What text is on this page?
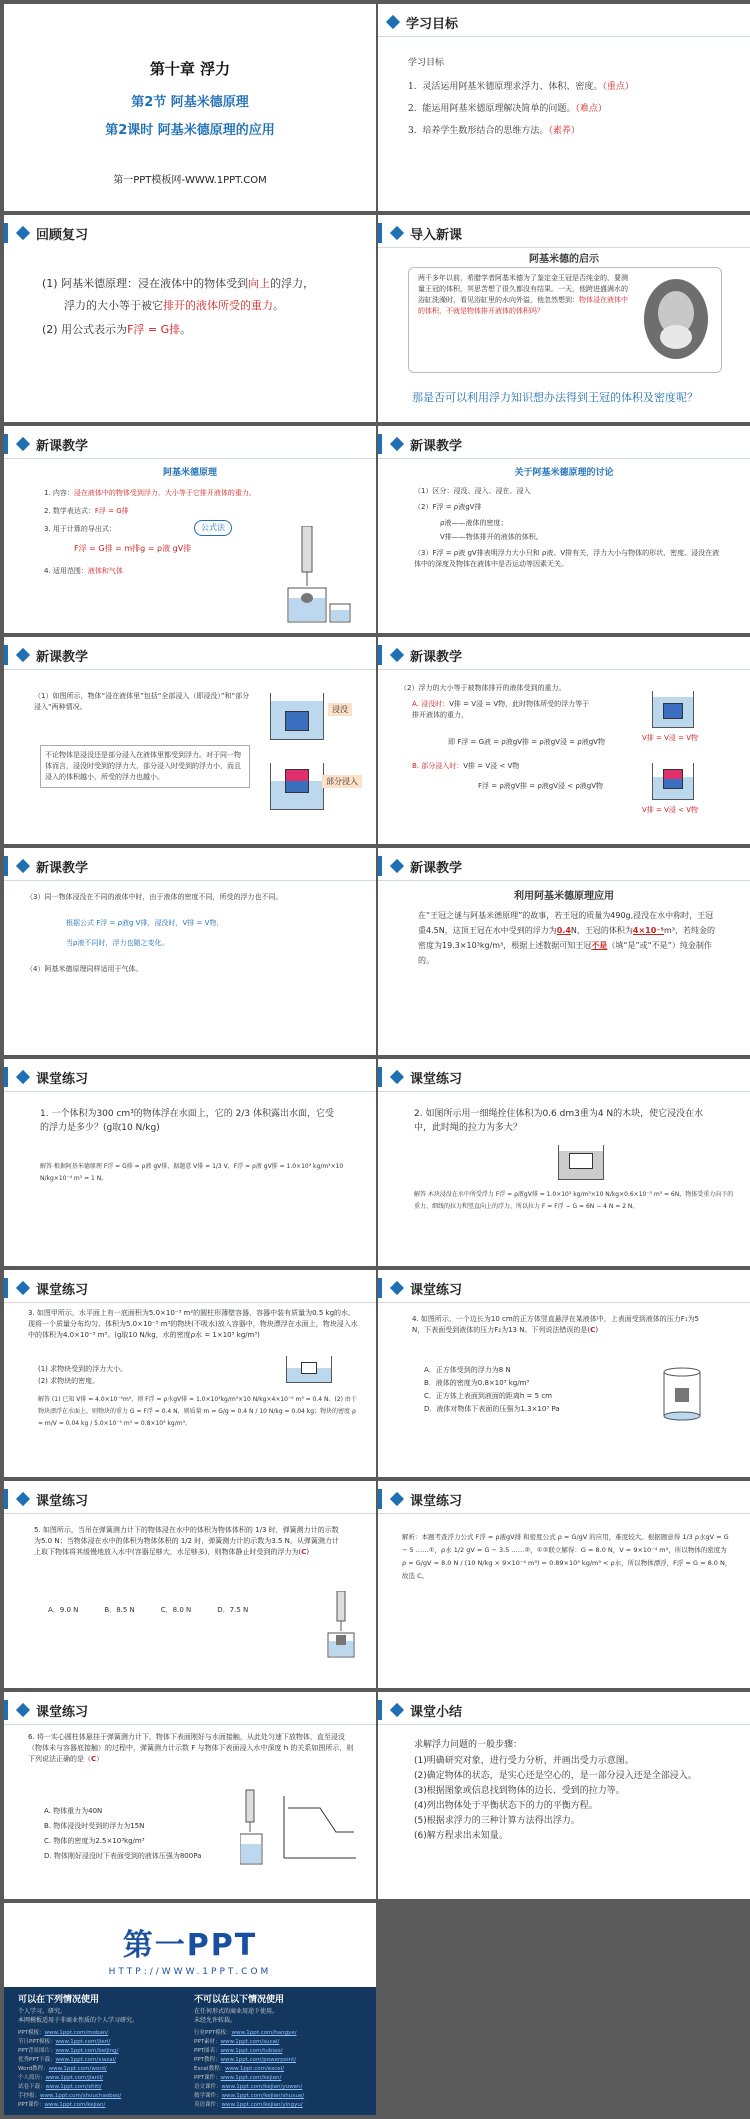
第十章 浮力
第2节 阿基米德原理
第2课时 阿基米德原理的应用
第一PPT模板网-WWW.1PPT.COM
学习目标
学习目标
1. 灵活运用阿基米德原理求浮力、体积、密度。（重点）
2. 能运用阿基米德原理解决简单的问题。（难点）
3. 培养学生数形结合的思维方法。（素养）
回顾复习
(1) 阿基米德原理：浸在液体中的物体受到向上的浮力，
浮力的大小等于被它排开的液体所受的重力。
(2) 用公式表示为F浮 = G排。
导入新课
阿基米德的启示
两千多年以前，希腊学者阿基米德为了鉴定金王冠是否纯金的，要测量王冠的体积，冥思苦想了很久都没有结果。一天，他跨进盛满水的浴缸洗澡时，看见浴缸里的水向外溢，他忽然想到：物体浸在液体中的体积，不就是物体排开液体的体积吗？
那是否可以利用浮力知识想办法得到王冠的体积及密度呢？
新课教学
阿基米德原理
1. 内容：浸在液体中的物体受到浮力，大小等于它排开液体的重力。
2. 数学表达式：F浮 = G排
3. 用于计算的导出式：
F浮 = G排 = m排g = ρ液 gV排
4. 适用范围：液体和气体
公式法
新课教学
关于阿基米德原理的讨论
（1）区分：浸没、浸入、浸在、浸入
（2）F浮 = ρ液gV排
ρ液——液体的密度；
V排——物体排开的液体的体积。
（3）F浮 = ρ液 gV排表明浮力大小只和 ρ液、V排有关，浮力大小与物体的形状、密度、浸没在液体中的深度及物体在液体中是否运动等因素无关。
新课教学
（1）如图所示，物体“浸在液体里”包括“全部浸入（即浸没）”和“部分浸入”两种情况。
不论物体是浸没还是部分浸入在液体里都受到浮力。对于同一物体而言，浸没时受到的浮力大，部分浸入时受到的浮力小，而且浸入的体积越小，所受的浮力也越小。
浸没
部分浸入
新课教学
（2）浮力的大小等于被物体排开的液体受到的重力。
A. 浸没时：V排 = V浸 = V物，此时物体所受的浮力等于排开液体的重力，
即 F浮 = G液 = ρ液gV排 = ρ液gV浸 = ρ液gV物
B. 部分浸入时：V排 = V浸 < V物
F浮 = ρ液gV排 = ρ液gV浸 < ρ液gV物
V排 = V浸 = V物
V排 = V浸 < V物
新课教学
（3）同一物体浸没在不同的液体中时，由于液体的密度不同，所受的浮力也不同。
根据公式 F浮 = ρ液g V排，浸没时，V排 = V物，
当ρ液不同时，浮力也随之变化。
（4）阿基米德原理同样适用于气体。
新课教学
利用阿基米德原理应用
在“王冠之谜与阿基米德原理”的故事，若王冠的质量为490g,浸没在水中称时，王冠重4.5N，这顶王冠在水中受到的浮力为0.4N，王冠的体积为4×10⁻⁵m³，若纯金的密度为19.3×10³kg/m³，根据上述数据可知王冠不是（填“是”或“不是”）纯金制作的。
课堂练习
1. 一个体积为300 cm³的物体浮在水面上，它的 2/3 体积露出水面，它受的浮力是多少？(g取10 N/kg)
解答 根据阿基米德原理 F浮 = G排 = ρ液 gV排，据题意 V排 = 1/3 V，F浮 = ρ液 gV排 = 1.0×10³ kg/m³×10 N/kg×10⁻⁴ m³ = 1 N。
课堂练习
2. 如图所示用一细绳拴住体积为0.6 dm3重为4 N的木块，使它浸没在水中，此时绳的拉力为多大？
解答 木块浸没在水中所受浮力 F浮 = ρ液gV排 = 1.0×10³ kg/m³×10 N/kg×0.6×10⁻³ m³ = 6N，物体受重力向下的重力、细线的拉力和竖直向上的浮力，所以拉力 F = F浮 − G = 6N − 4 N = 2 N。
课堂练习
3. 如图甲所示，水平面上有一底面积为5.0×10⁻³ m²的圆柱形薄壁容器，容器中装有质量为0.5 kg的水。现将一个质量分布均匀、体积为5.0×10⁻⁵ m³的物块(不吸水)放入容器中，物块漂浮在水面上，物块浸入水中的体积为4.0×10⁻⁵ m³。(g取10 N/kg，水的密度ρ水 = 1×10³ kg/m³)
(1) 求物块受到的浮力大小。
(2) 求物块的密度。
解答 (1) 已知 V排 = 4.0×10⁻⁵m³，则 F浮 = ρ水gV排 = 1.0×10³kg/m³×10 N/kg×4×10⁻⁵ m³ = 0.4 N。(2) 由于物块漂浮在水面上，则物块的重力 G = F浮 = 0.4 N，则质量 m = G/g = 0.4 N / 10 N/kg = 0.04 kg；物块的密度 ρ = m/V = 0.04 kg / 5.0×10⁻⁵ m³ = 0.8×10³ kg/m³。
课堂练习
4. 如图所示，一个边长为10 cm的正方体竖直悬浮在某液体中，上表面受到液体的压力F₁为5 N，下表面受到液体的压力F₂为13 N。下列说法错误的是(C)
A．正方体受到的浮力为8 N
B．液体的密度为0.8×10³ kg/m³
C．正方体上表面到液面的距离h = 5 cm
D．液体对物体下表面的压强为1.3×10³ Pa
课堂练习
5. 如图所示，当吊在弹簧测力计下的物体浸在水中的体积为物体体积的 1/3 时，弹簧测力计的示数为5.0 N；当物体浸在水中的体积为物体体积的 1/2 时，弹簧测力计的示数为3.5 N。从弹簧测力计上取下物体将其缓慢地放入水中(容器足够大，水足够多)，则物体静止时受到的浮力为(C)
A．9.0 N	B．8.5 N	C．8.0 N	D．7.5 N
课堂练习
解析：本题考查浮力公式 F浮 = ρ液gV排 和密度公式 ρ = G/gV 的应用，难度较大。根据题意得 1/3 ρ水gV = G − 5 ……①，ρ水 1/2 gV = G − 3.5 ……②，①②联立解得：G = 8.0 N，V = 9×10⁻⁴ m³，所以物体的密度为 ρ = G/gV = 8.0 N / (10 N/kg × 9×10⁻⁴ m³) = 0.89×10³ kg/m³ < ρ水，所以物体漂浮，F浮 = G = 8.0 N，故选 C。
课堂练习
6. 将一实心圆柱体悬挂于弹簧测力计下，物体下表面刚好与水面接触，从此处匀速下放物体，直至浸没（物体未与容器底接触）的过程中，弹簧测力计示数 F 与物体下表面浸入水中深度 h 的关系如图所示，则下列说法正确的是（C）
A. 物体重力为40N
B. 物体浸没时受到的浮力为15N
C. 物体的密度为2.5×10³kg/m³
D. 物体刚好浸没时下表面受到的液体压强为800Pa
课堂小结
求解浮力问题的一般步骤：
(1)明确研究对象，进行受力分析，并画出受力示意图。
(2)确定物体的状态，是实心还是空心的，是一部分浸入还是全部浸入。
(3)根据图象或信息找到物体的边长、受到的拉力等。
(4)列出物体处于平衡状态下的力的平衡方程。
(5)根据求浮力的三种计算方法得出浮力。
(6)解方程求出未知量。
第一PPT
HTTP://WWW.1PPT.COM
可以在下列情况使用	不可以在以下情况使用
个人学习，研究。
本网模板适用于非商业性质的个人学习研究。
在任何形式的商业用途下使用。
未经允许转载。
PPT模板：www.1ppt.com/moban/
节日PPT模板：www.1ppt.com/jieri/
PPT背景图片：www.1ppt.com/beijing/
优秀PPT下载：www.1ppt.com/xiazai/
Word教程：www.1ppt.com/word/
个人简历：www.1ppt.com/jianli/
试卷下载：www.1ppt.com/shiti/
手抄报：www.1ppt.com/shouchaobao/
PPT课件：www.1ppt.com/kejian/
行业PPT模板：www.1ppt.com/hangye/
PPT素材：www.1ppt.com/sucai/
PPT图表：www.1ppt.com/tubiao/
PPT教程：www.1ppt.com/powerpoint/
Excel教程：www.1ppt.com/excel/
PPT课件：www.1ppt.com/kejian/
语文课件：www.1ppt.com/kejian/yuwen/
数学课件：www.1ppt.com/kejian/shuxue/
英语课件：www.1ppt.com/kejian/yingyu/
